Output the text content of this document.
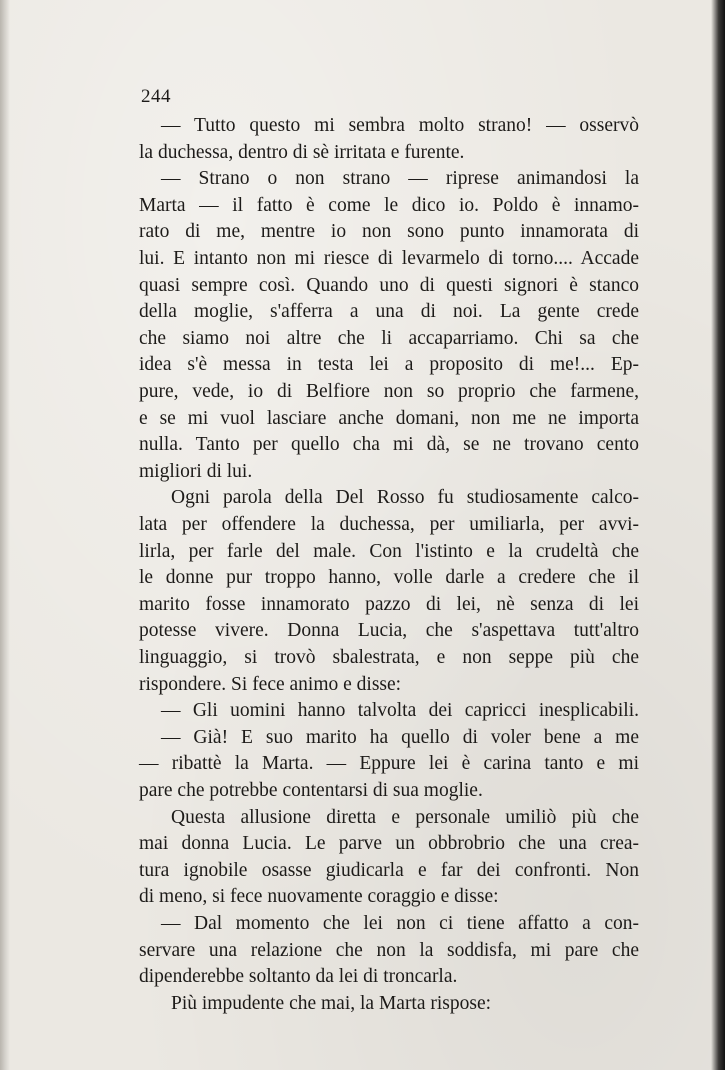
244
— Tutto questo mi sembra molto strano! — osservò
la duchessa, dentro di sè irritata e furente.
— Strano o non strano — riprese animandosi la
Marta — il fatto è come le dico io. Poldo è innamo-
rato di me, mentre io non sono punto innamorata di
lui. E intanto non mi riesce di levarmelo di torno.... Accade
quasi sempre così. Quando uno di questi signori è stanco
della moglie, s'afferra a una di noi. La gente crede
che siamo noi altre che li accaparriamo. Chi sa che
idea s'è messa in testa lei a proposito di me!... Ep-
pure, vede, io di Belfiore non so proprio che farmene,
e se mi vuol lasciare anche domani, non me ne importa
nulla. Tanto per quello cha mi dà, se ne trovano cento
migliori di lui.
Ogni parola della Del Rosso fu studiosamente calco-
lata per offendere la duchessa, per umiliarla, per avvi-
lirla, per farle del male. Con l'istinto e la crudeltà che
le donne pur troppo hanno, volle darle a credere che il
marito fosse innamorato pazzo di lei, nè senza di lei
potesse vivere. Donna Lucia, che s'aspettava tutt'altro
linguaggio, si trovò sbalestrata, e non seppe più che
rispondere. Si fece animo e disse:
— Gli uomini hanno talvolta dei capricci inesplicabili.
— Già! E suo marito ha quello di voler bene a me
— ribattè la Marta. — Eppure lei è carina tanto e mi
pare che potrebbe contentarsi di sua moglie.
Questa allusione diretta e personale umiliò più che
mai donna Lucia. Le parve un obbrobrio che una crea-
tura ignobile osasse giudicarla e far dei confronti. Non
di meno, si fece nuovamente coraggio e disse:
— Dal momento che lei non ci tiene affatto a con-
servare una relazione che non la soddisfa, mi pare che
dipenderebbe soltanto da lei di troncarla.
Più impudente che mai, la Marta rispose:
